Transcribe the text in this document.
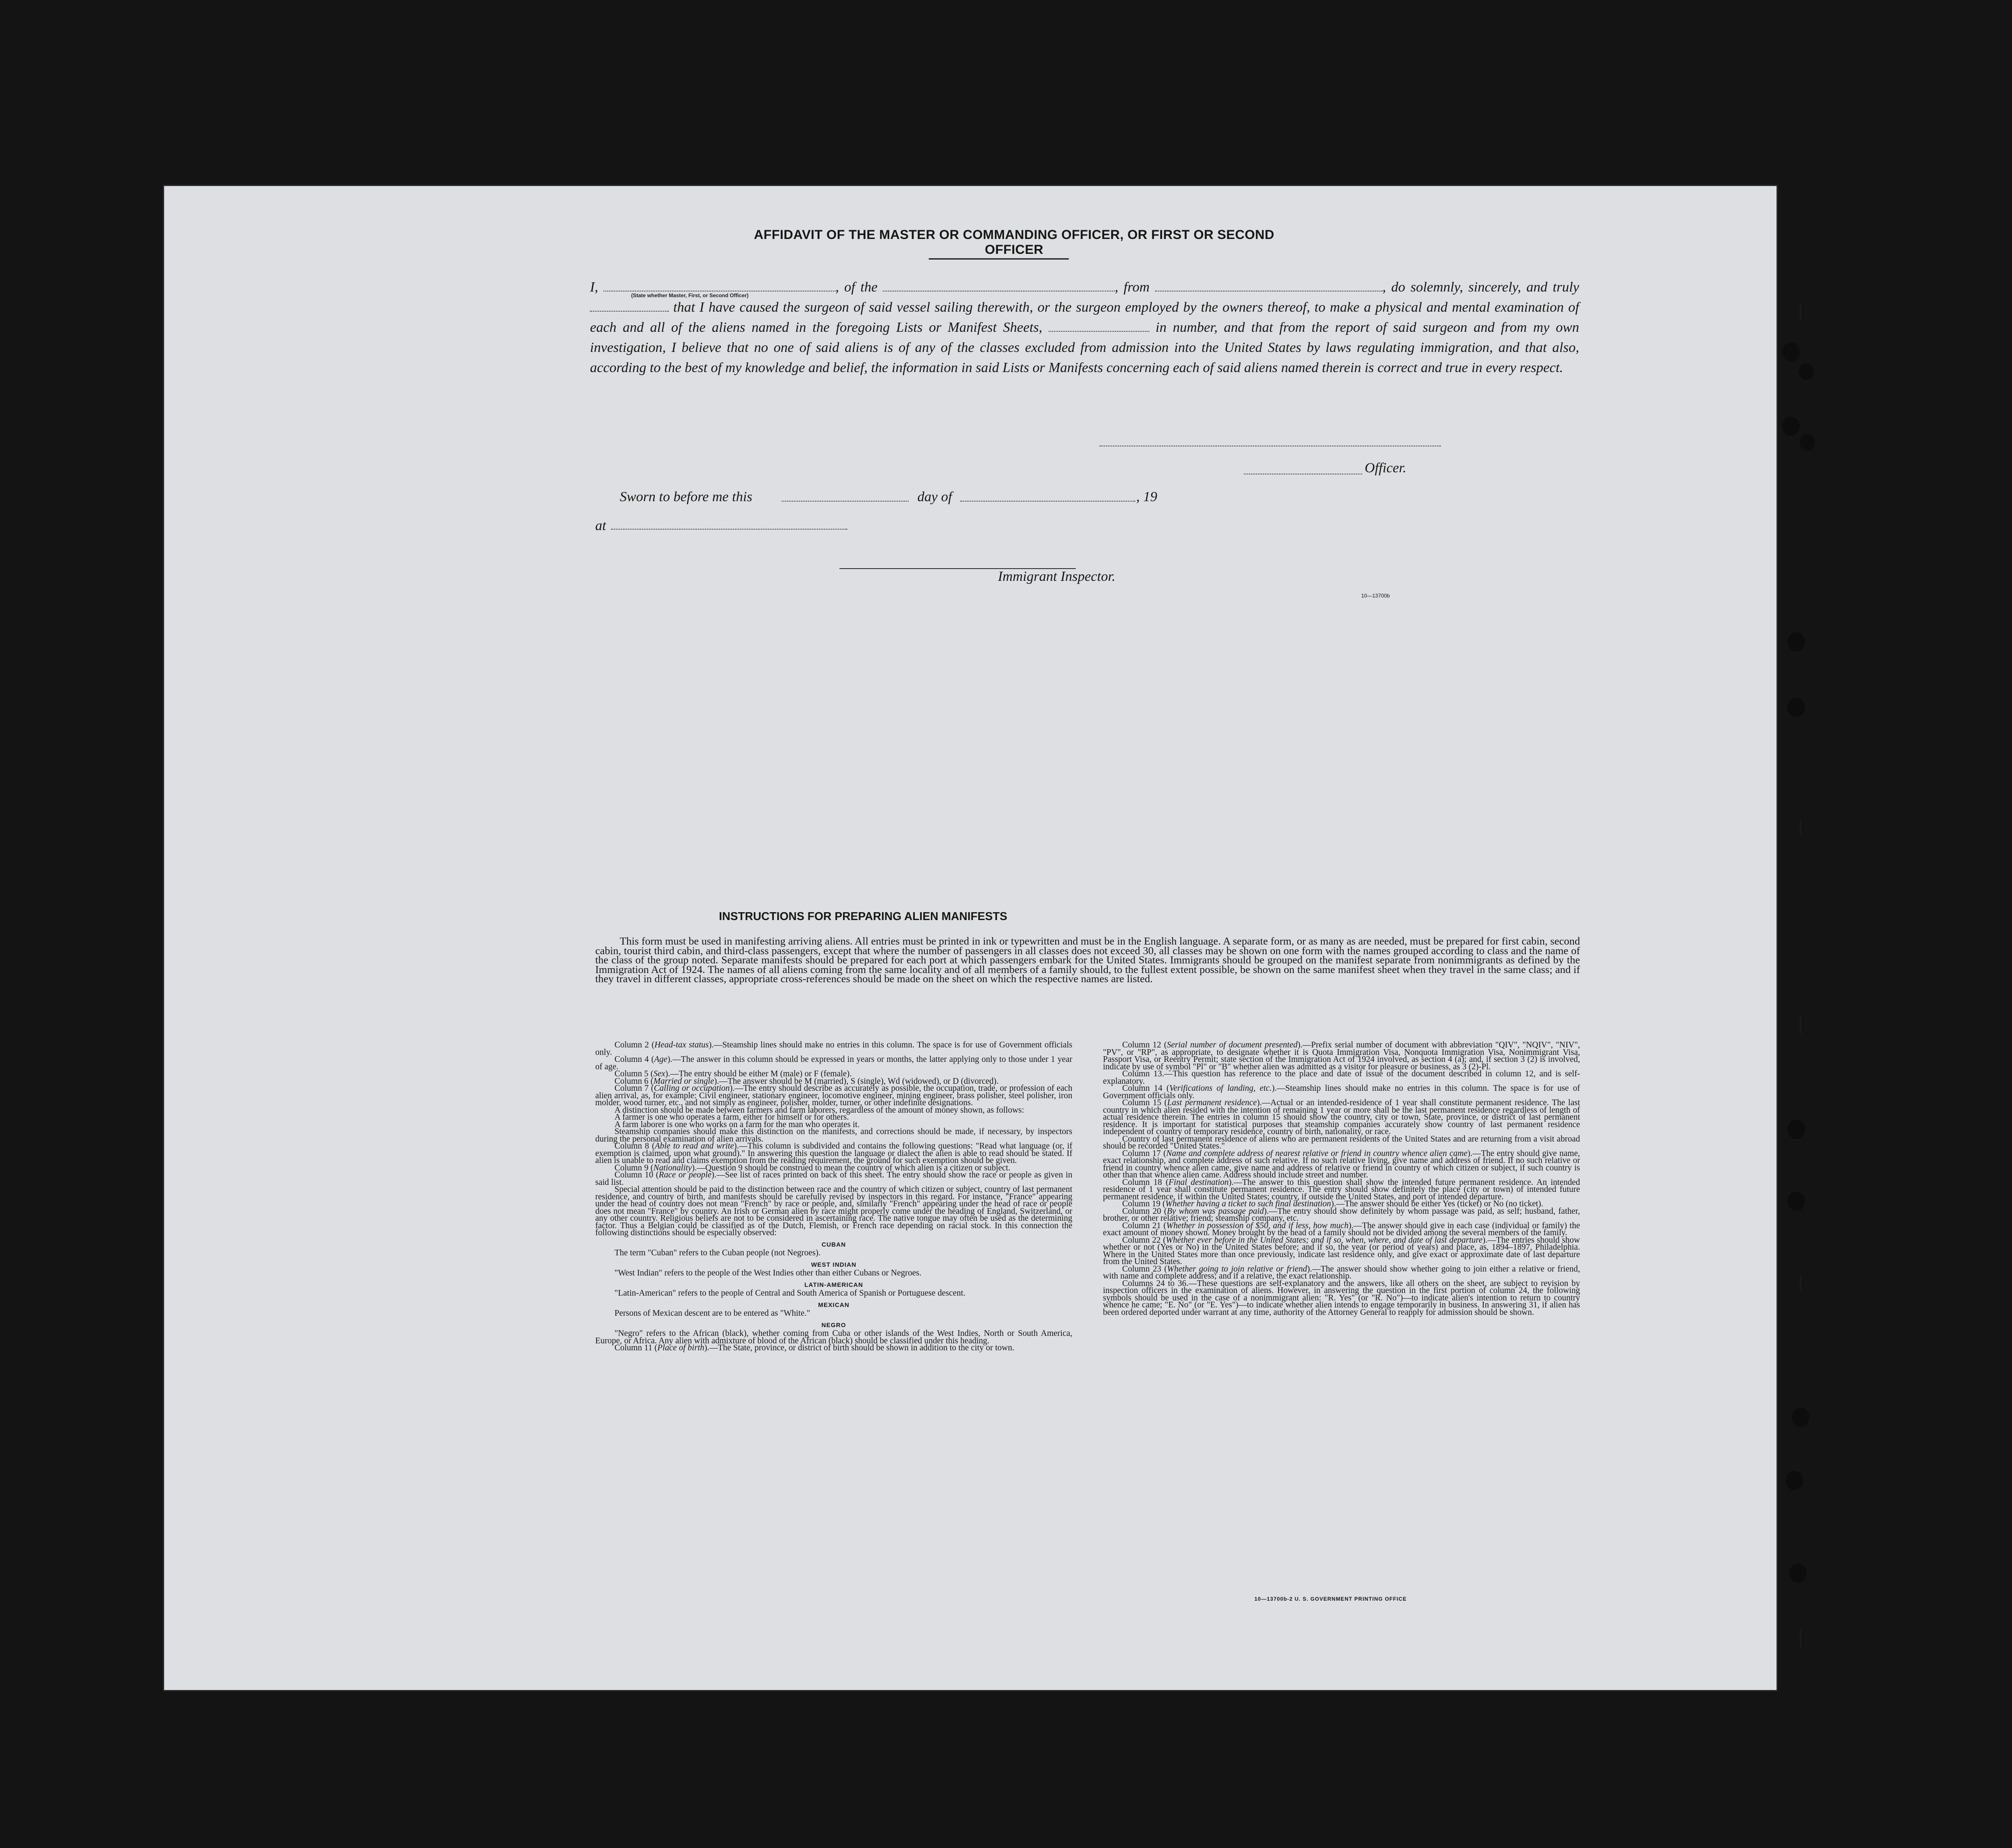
AFFIDAVIT OF THE MASTER OR COMMANDING OFFICER, OR FIRST OR SECOND OFFICER

I,	, of the	, from	, do solemnly, sincerely, and truly  that I have caused the surgeon of said vessel sailing therewith, or the surgeon employed by the owners thereof, to make a physical and mental examination of each and all of the aliens named in the foregoing Lists or Manifest Sheets,	in number, and that from the report of said surgeon and from my own investigation, I believe that no one of said aliens is of any of the classes excluded from admission into the United States by laws regulating immigration, and that also, according to the best of my knowledge and belief, the information in said Lists or Manifests concerning each of said aliens named therein is correct and true in every respect.

(State whether Master, First, or Second Officer)
Officer.
Sworn to before me this	day of	, 19
at
Immigrant Inspector.
10—13700b
INSTRUCTIONS FOR PREPARING ALIEN MANIFESTS

This form must be used in manifesting arriving aliens. All entries must be printed in ink or typewritten and must be in the English language. A separate form, or as many as are needed, must be prepared for first cabin, second cabin, tourist third cabin, and third-class passengers, except that where the number of passengers in all classes does not exceed 30, all classes may be shown on one form with the names grouped according to class and the name of the class of the group noted. Separate manifests should be prepared for each port at which passengers embark for the United States. Immigrants should be grouped on the manifest separate from nonimmigrants as defined by the Immigration Act of 1924. The names of all aliens coming from the same locality and of all members of a family should, to the fullest extent possible, be shown on the same manifest sheet when they travel in the same class; and if they travel in different classes, appropriate cross-references should be made on the sheet on which the respective names are listed.

Column 2 (Head-tax status).—Steamship lines should make no entries in this column. The space is for use of Government officials only.

Column 4 (Age).—The answer in this column should be expressed in years or months, the latter applying only to those under 1 year of age.

Column 5 (Sex).—The entry should be either M (male) or F (female).

Column 6 (Married or single).—The answer should be M (married), S (single), Wd (widowed), or D (divorced).

Column 7 (Calling or occupation).—The entry should describe as accurately as possible, the occupation, trade, or profession of each alien arrival, as, for example: Civil engineer, stationary engineer, locomotive engineer, mining engineer, brass polisher, steel polisher, iron molder, wood turner, etc., and not simply as engineer, polisher, molder, turner, or other indefinite designations.

A distinction should be made between farmers and farm laborers, regardless of the amount of money shown, as follows:

A farmer is one who operates a farm, either for himself or for others.

A farm laborer is one who works on a farm for the man who operates it.

Steamship companies should make this distinction on the manifests, and corrections should be made, if necessary, by inspectors during the personal examination of alien arrivals.

Column 8 (Able to read and write).—This column is subdivided and contains the following questions: "Read what language (or, if exemption is claimed, upon what ground)." In answering this question the language or dialect the alien is able to read should be stated. If alien is unable to read and claims exemption from the reading requirement, the ground for such exemption should be given.

Column 9 (Nationality).—Question 9 should be construed to mean the country of which alien is a citizen or subject.

Column 10 (Race or people).—See list of races printed on back of this sheet. The entry should show the race or people as given in said list.

Special attention should be paid to the distinction between race and the country of which citizen or subject, country of last permanent residence, and country of birth, and manifests should be carefully revised by inspectors in this regard. For instance, "France" appearing under the head of country does not mean "French" by race or people, and, similarly "French" appearing under the head of race or people does not mean "France" by country. An Irish or German alien by race might properly come under the heading of England, Switzerland, or any other country. Religious beliefs are not to be considered in ascertaining race. The native tongue may often be used as the determining factor. Thus a Belgian could be classified as of the Dutch, Flemish, or French race depending on racial stock. In this connection the following distinctions should be especially observed:

CUBAN

The term "Cuban" refers to the Cuban people (not Negroes).

WEST INDIAN

"West Indian" refers to the people of the West Indies other than either Cubans or Negroes.

LATIN-AMERICAN

"Latin-American" refers to the people of Central and South America of Spanish or Portuguese descent.

MEXICAN

Persons of Mexican descent are to be entered as "White."

NEGRO

"Negro" refers to the African (black), whether coming from Cuba or other islands of the West Indies, North or South America, Europe, or Africa. Any alien with admixture of blood of the African (black) should be classified under this heading.

Column 11 (Place of birth).—The State, province, or district of birth should be shown in addition to the city or town.

Column 12 (Serial number of document presented).—Prefix serial number of document with abbreviation "QIV", "NQIV", "NIV", "PV", or "RP", as appropriate, to designate whether it is Quota Immigration Visa, Nonquota Immigration Visa, Nonimmigrant Visa, Passport Visa, or Reentry Permit; state section of the Immigration Act of 1924 involved, as section 4 (a); and, if section 3 (2) is involved, indicate by use of symbol "Pl" or "B" whether alien was admitted as a visitor for pleasure or business, as 3 (2)-Pl.

Column 13.—This question has reference to the place and date of issue of the document described in column 12, and is self-explanatory.

Column 14 (Verifications of landing, etc.).—Steamship lines should make no entries in this column. The space is for use of Government officials only.

Column 15 (Last permanent residence).—Actual or an intended-residence of 1 year shall constitute permanent residence. The last country in which alien resided with the intention of remaining 1 year or more shall be the last permanent residence regardless of length of actual residence therein. The entries in column 15 should show the country, city or town, State, province, or district of last permanent residence. It is important for statistical purposes that steamship companies accurately show country of last permanent residence independent of country of temporary residence, country of birth, nationality, or race.

Country of last permanent residence of aliens who are permanent residents of the United States and are returning from a visit abroad should be recorded "United States."

Column 17 (Name and complete address of nearest relative or friend in country whence alien came).—The entry should give name, exact relationship, and complete address of such relative. If no such relative living, give name and address of friend. If no such relative or friend in country whence alien came, give name and address of relative or friend in country of which citizen or subject, if such country is other than that whence alien came. Address should include street and number.

Column 18 (Final destination).—The answer to this question shall show the intended future permanent residence. An intended residence of 1 year shall constitute permanent residence. The entry should show definitely the place (city or town) of intended future permanent residence, if within the United States; country, if outside the United States, and port of intended departure.

Column 19 (Whether having a ticket to such final destination).—The answer should be either Yes (ticket) or No (no ticket).

Column 20 (By whom was passage paid).—The entry should show definitely by whom passage was paid, as self; husband, father, brother, or other relative; friend; steamship company, etc.

Column 21 (Whether in possession of $50, and if less, how much).—The answer should give in each case (individual or family) the exact amount of money shown. Money brought by the head of a family should not be divided among the several members of the family.

Column 22 (Whether ever before in the United States; and if so, when, where, and date of last departure).—The entries should show whether or not (Yes or No) in the United States before; and if so, the year (or period of years) and place, as, 1894–1897, Philadelphia. Where in the United States more than once previously, indicate last residence only, and give exact or approximate date of last departure from the United States.

Column 23 (Whether going to join relative or friend).—The answer should show whether going to join either a relative or friend, with name and complete address; and if a relative, the exact relationship.

Columns 24 to 36.—These questions are self-explanatory and the answers, like all others on the sheet, are subject to revision by inspection officers in the examination of aliens. However, in answering the question in the first portion of column 24, the following symbols should be used in the case of a nonimmigrant alien: "R. Yes" (or "R. No")—to indicate alien's intention to return to country whence he came; "E. No" (or "E. Yes")—to indicate whether alien intends to engage temporarily in business. In answering 31, if alien has been ordered deported under warrant at any time, authority of the Attorney General to reapply for admission should be shown.

10—13700b-2 U. S. GOVERNMENT PRINTING OFFICE
